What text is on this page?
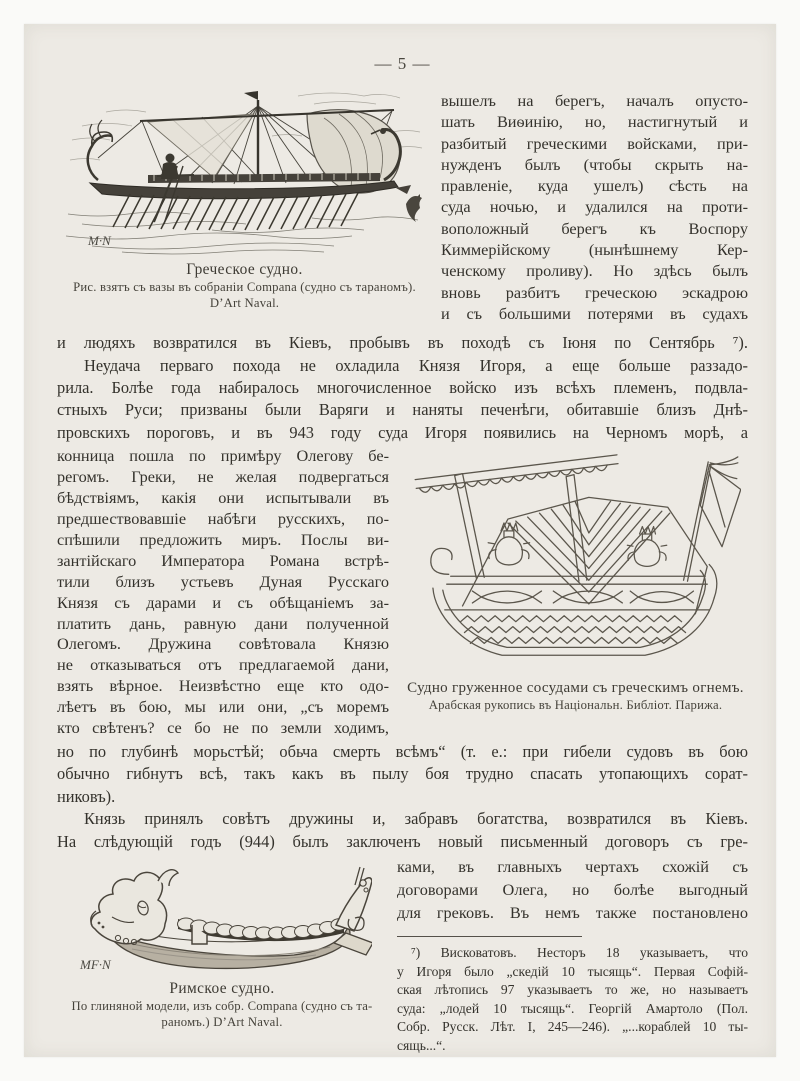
— 5 —
M·N
Греческое судно.
Рис. взятъ съ вазы въ собраніи Compana (судно съ тараномъ).
D’Art Naval.
вышелъ на берегъ, началъ опусто-
шать Виѳинію, но, настигнутый и
разбитый греческими войсками, при-
нужденъ былъ (чтобы скрыть на-
правленіе, куда ушелъ) сѣсть на
суда ночью, и удалился на проти-
воположный берегъ къ Воспору
Киммерійскому (нынѣшнему Кер-
ченскому проливу). Но здѣсь былъ
вновь разбитъ греческою эскадрою
и съ большими потерями въ судахъ
и людяхъ возвратился въ Кіевъ, пробывъ въ походѣ съ Іюня по Сентябрь ⁷).
Неудача перваго похода не охладила Князя Игоря, а еще больше раззадо-
рила. Болѣе года набиралось многочисленное войско изъ всѣхъ племенъ, подвла-
стныхъ Руси; призваны были Варяги и наняты печенѣги, обитавшіе близъ Днѣ-
провскихъ пороговъ, и въ 943 году суда Игоря появились на Черномъ морѣ, а
конница пошла по примѣру Олегову бе-
регомъ. Греки, не желая подвергаться
бѣдствіямъ, какія они испытывали въ
предшествовавшіе набѣги русскихъ, по-
спѣшили предложить миръ. Послы ви-
зантійскаго Императора Романа встрѣ-
тили близъ устьевъ Дуная Русскаго
Князя съ дарами и съ обѣщаніемъ за-
платить дань, равную дани полученной
Олегомъ. Дружина совѣтовала Князю
не отказываться отъ предлагаемой дани,
взять вѣрное. Неизвѣстно еще кто одо-
лѣетъ въ бою, мы или они, „съ моремъ
кто свѣтенъ? се бо не по земли ходимъ,
Судно груженное сосудами съ греческимъ огнемъ.
Арабская рукопись въ Національн. Библіот. Парижа.
но по глубинѣ морьстѣй; обьча смерть всѣмъ“ (т. е.: при гибели судовъ въ бою
обычно гибнутъ всѣ, такъ какъ въ пылу боя трудно спасать утопающихъ сорат-
никовъ).
Князь принялъ совѣтъ дружины и, забравъ богатства, возвратился въ Кіевъ.
На слѣдующій годъ (944) былъ заключенъ новый письменный договоръ съ гре-
MF·N
Римское судно.
По глиняной модели, изъ собр. Compana (судно съ та-
раномъ.) D’Art Naval.
ками, въ главныхъ чертахъ схожій съ
договорами Олега, но болѣе выгодный
для грековъ. Въ немъ также постановлено
⁷) Висковатовъ. Несторъ 18 указываетъ, что
у Игоря было „скедій 10 тысящь“. Первая Софій-
ская лѣтопись 97 указываетъ то же, но называетъ
суда: „лодей 10 тысящь“. Георгій Амартоло (Пол.
Собр. Русск. Лѣт. I, 245—246). „...кораблей 10 ты-
сящь...“.
